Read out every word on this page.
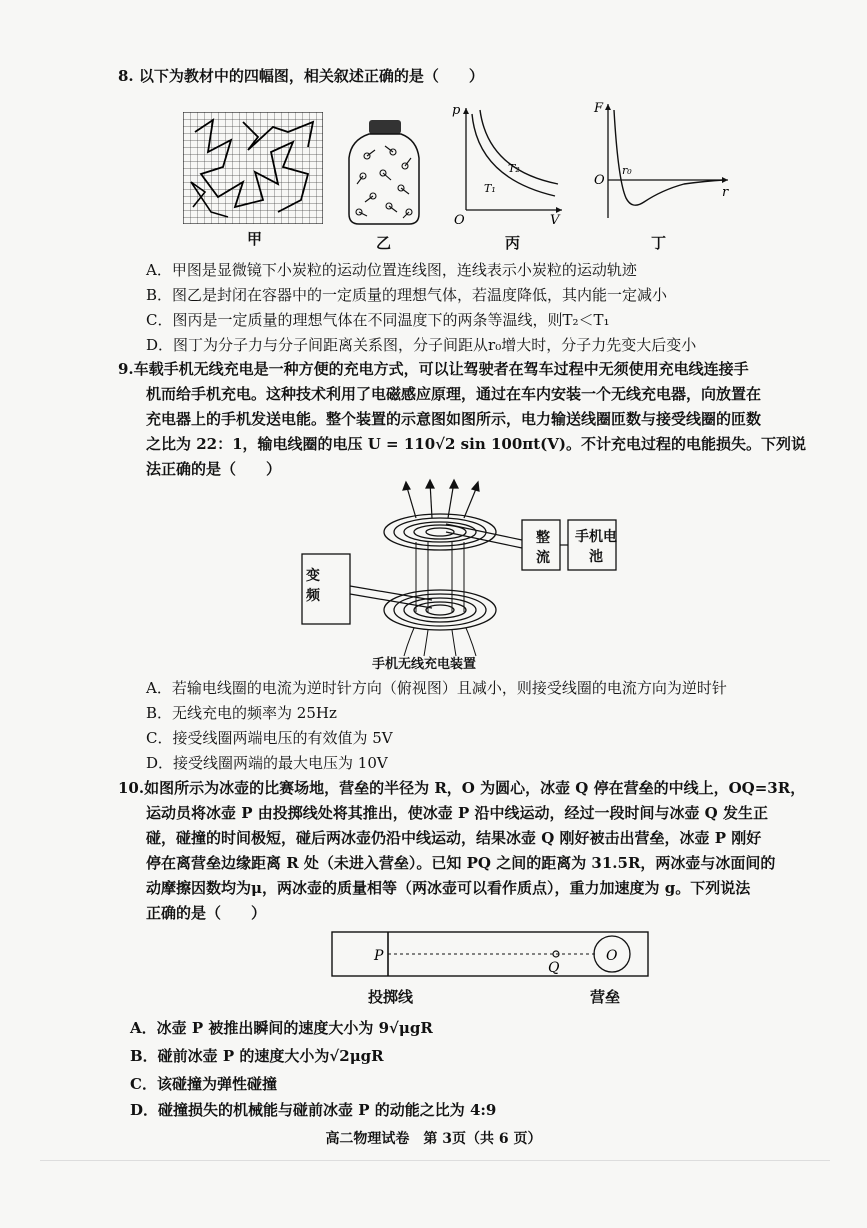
8. 以下为教材中的四幅图，相关叙述正确的是（　　）
甲	乙
p
V
O
T₁
T₂
丙
F
r
O
r₀
丁
A．甲图是显微镜下小炭粒的运动位置连线图，连线表示小炭粒的运动轨迹
B．图乙是封闭在容器中的一定质量的理想气体，若温度降低，其内能一定减小
C．图丙是一定质量的理想气体在不同温度下的两条等温线，则T₂＜T₁
D．图丁为分子力与分子间距离关系图，分子间距从r₀增大时，分子力先变大后变小
9.车载手机无线充电是一种方便的充电方式，可以让驾驶者在驾车过程中无须使用充电线连接手
机而给手机充电。这种技术利用了电磁感应原理，通过在车内安装一个无线充电器，向放置在
充电器上的手机发送电能。整个装置的示意图如图所示，电力输送线圈匝数与接受线圈的匝数
之比为 22：1，输电线圈的电压 U = 110√2 sin 100πt(V)。不计充电过程的电能损失。下列说
法正确的是（　　）
变频
整流
手机电池
手机无线充电装置
A．若输电线圈的电流为逆时针方向（俯视图）且减小，则接受线圈的电流方向为逆时针
B．无线充电的频率为 25Hz
C．接受线圈两端电压的有效值为 5V
D．接受线圈两端的最大电压为 10V
10.如图所示为冰壶的比赛场地，营垒的半径为 R，O 为圆心，冰壶 Q 停在营垒的中线上，OQ=3R，
运动员将冰壶 P 由投掷线处将其推出，使冰壶 P 沿中线运动，经过一段时间与冰壶 Q 发生正
碰，碰撞的时间极短，碰后两冰壶仍沿中线运动，结果冰壶 Q 刚好被击出营垒，冰壶 P 刚好
停在离营垒边缘距离 R 处（未进入营垒）。已知 PQ 之间的距离为 31.5R，两冰壶与冰面间的
动摩擦因数均为μ，两冰壶的质量相等（两冰壶可以看作质点），重力加速度为 g。下列说法
正确的是（　　）
P
Q
O
投掷线	营垒
A．冰壶 P 被推出瞬间的速度大小为 9√μgR
B．碰前冰壶 P 的速度大小为√2μgR
C．该碰撞为弹性碰撞
D．碰撞损失的机械能与碰前冰壶 P 的动能之比为 4:9
高二物理试卷　第 3页（共 6 页）
